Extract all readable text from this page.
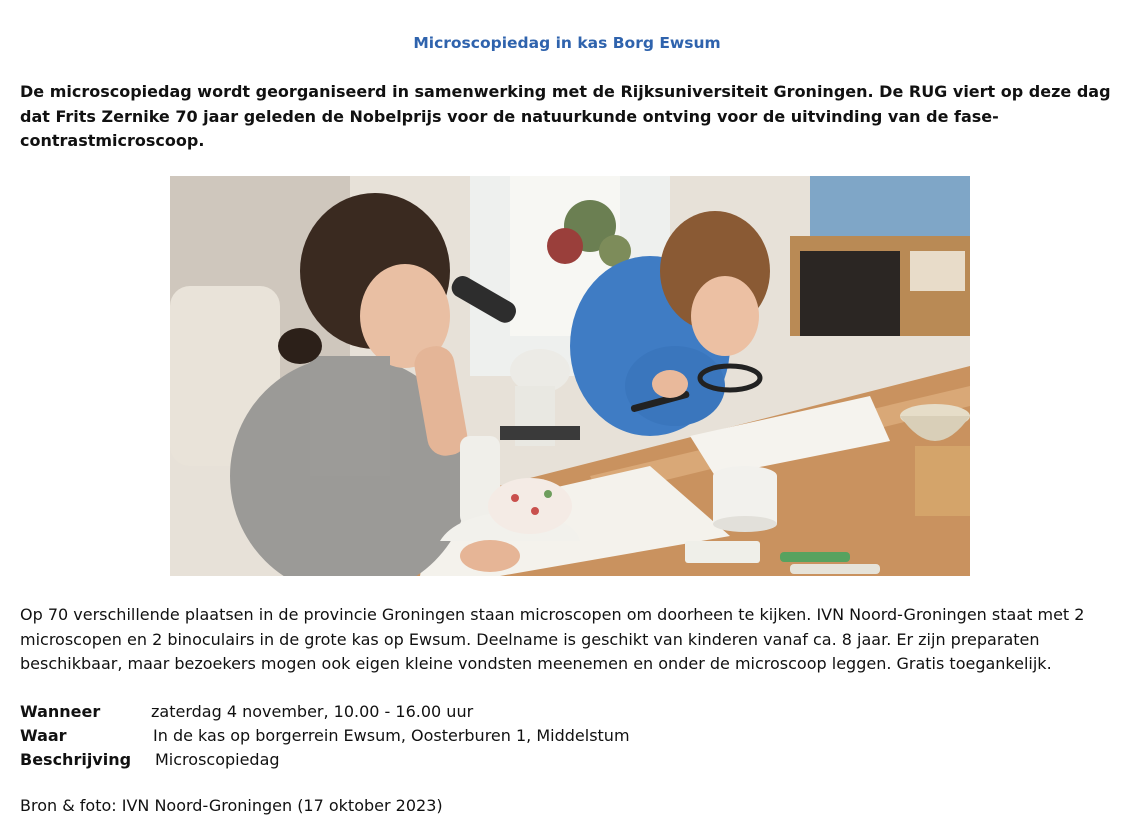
Microscopiedag in kas Borg Ewsum
De microscopiedag wordt georganiseerd in samenwerking met de Rijksuniversiteit Groningen. De RUG viert op deze dag dat Frits Zernike 70 jaar geleden de Nobelprijs voor de natuurkunde ontving voor de uitvinding van de fase-contrastmicroscoop.
Op 70 verschillende plaatsen in de provincie Groningen staan microscopen om doorheen te kijken. IVN Noord-Groningen staat met 2 microscopen en 2 binoculairs in de grote kas op Ewsum. Deelname is geschikt van kinderen vanaf ca. 8 jaar. Er zijn preparaten beschikbaar, maar bezoekers mogen ook eigen kleine vondsten meenemen en onder de microscoop leggen. Gratis toegankelijk.
Wanneer	zaterdag 4 november, 10.00 - 16.00 uur
Waar	In de kas op borgerrein Ewsum, Oosterburen 1, Middelstum
Beschrijving Microscopiedag
Bron & foto: IVN Noord-Groningen (17 oktober 2023)
